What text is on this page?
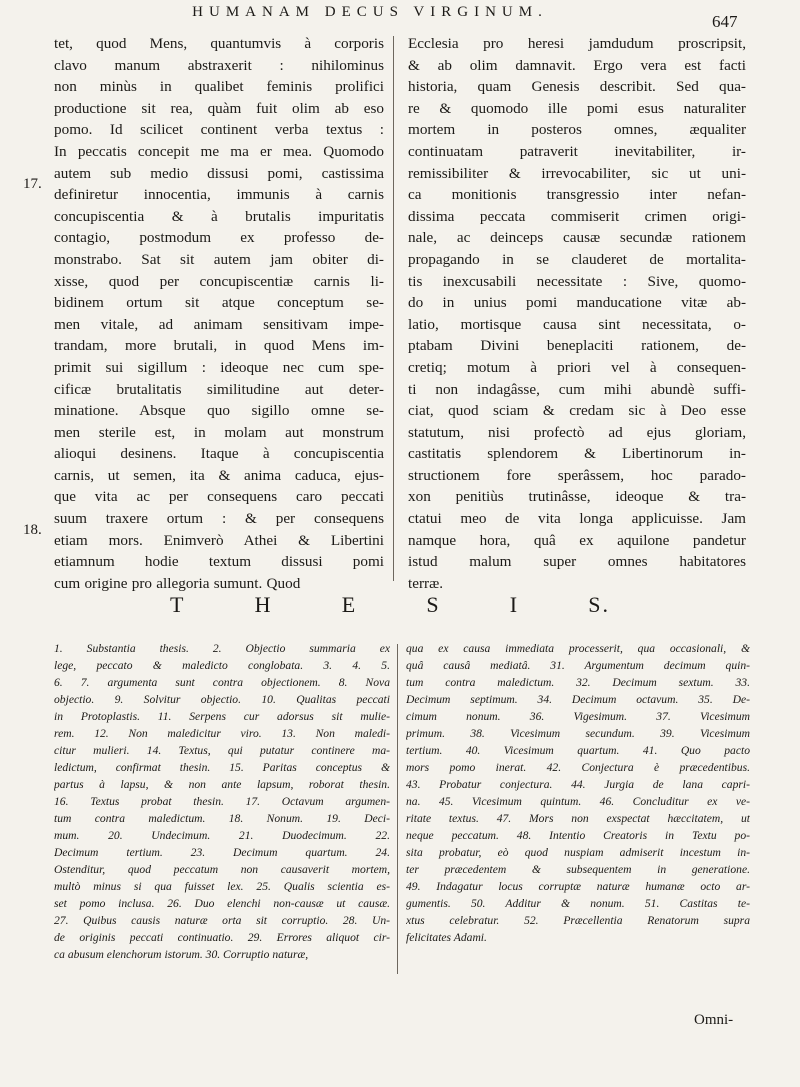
HUMANAM DECUS VIRGINUM.	647
17.
18.
tet, quod Mens, quantumvis à corporis
clavo manum abstraxerit : nihilominus
non minùs in qualibet feminis prolifici
productione sit rea, quàm fuit olim ab eso
pomo. Id scilicet continent verba textus :
In peccatis concepit me ma er mea. Quomodo
autem sub medio dissusi pomi, castissima
definiretur innocentia, immunis à carnis
concupiscentia & à brutalis impuritatis
contagio, postmodum ex professo de-
monstrabo. Sat sit autem jam obiter di-
xisse, quod per concupiscentiæ carnis li-
bidinem ortum sit atque conceptum se-
men vitale, ad animam sensitivam impe-
trandam, more brutali, in quod Mens im-
primit sui sigillum : ideoque nec cum spe-
cificæ brutalitatis similitudine aut deter-
minatione. Absque quo sigillo omne se-
men sterile est, in molam aut monstrum
alioqui desinens. Itaque à concupiscentia
carnis, ut semen, ita & anima caduca, ejus-
que vita ac per consequens caro peccati
suum traxere ortum : & per consequens
etiam mors. Enimverò Athei & Libertini
etiamnum hodie textum dissusi pomi
cum origine pro allegoria sumunt. Quod
Ecclesia pro heresi jamdudum proscripsit,
& ab olim damnavit. Ergo vera est facti
historia, quam Genesis describit. Sed qua-
re & quomodo ille pomi esus naturaliter
mortem in posteros omnes, æqualiter
continuatam patraverit inevitabiliter, ir-
remissibiliter & irrevocabiliter, sic ut uni-
ca monitionis transgressio inter nefan-
dissima peccata commiserit crimen origi-
nale, ac deinceps causæ secundæ rationem
propagando in se clauderet de mortalita-
tis inexcusabili necessitate : Sive, quomo-
do in unius pomi manducatione vitæ ab-
latio, mortisque causa sint necessitata, o-
ptabam Divini beneplaciti rationem, de-
cretiq; motum à priori vel à consequen-
ti non indagâsse, cum mihi abundè suffi-
ciat, quod sciam & credam sic à Deo esse
statutum, nisi profectò ad ejus gloriam,
castitatis splendorem & Libertinorum in-
structionem fore sperâssem, hoc parado-
xon penitiùs trutinâsse, ideoque & tra-
ctatui meo de vita longa applicuisse. Jam
namque hora, quâ ex aquilone pandetur
istud malum super omnes habitatores
terræ.
T	H	E	S	I	S.
1. Substantia thesis. 2. Objectio summaria ex
lege, peccato & maledicto conglobata. 3. 4. 5.
6. 7. argumenta sunt contra objectionem. 8. Nova
objectio. 9. Solvitur objectio. 10. Qualitas peccati
in Protoplastis. 11. Serpens cur adorsus sit mulie-
rem. 12. Non maledicitur viro. 13. Non maledi-
citur mulieri. 14. Textus, qui putatur continere ma-
ledictum, confirmat thesin. 15. Paritas conceptus &
partus à lapsu, & non ante lapsum, roborat thesin.
16. Textus probat thesin. 17. Octavum argumen-
tum contra maledictum. 18. Nonum. 19. Deci-
mum. 20. Undecimum. 21. Duodecimum. 22.
Decimum tertium. 23. Decimum quartum. 24.
Ostenditur, quod peccatum non causaverit mortem,
multò minus si qua fuisset lex. 25. Qualis scientia es-
set pomo inclusa. 26. Duo elenchi non-causæ ut causæ.
27. Quibus causis naturæ orta sit corruptio. 28. Un-
de originis peccati continuatio. 29. Errores aliquot cir-
ca abusum elenchorum istorum. 30. Corruptio naturæ,
qua ex causa immediata processerit, qua occasionali, &
quâ causâ mediatâ. 31. Argumentum decimum quin-
tum contra maledictum. 32. Decimum sextum. 33.
Decimum septimum. 34. Decimum octavum. 35. De-
cimum nonum. 36. Vigesimum. 37. Vicesimum
primum. 38. Vicesimum secundum. 39. Vicesimum
tertium. 40. Vicesimum quartum. 41. Quo pacto
mors pomo inerat. 42. Conjectura è præcedentibus.
43. Probatur conjectura. 44. Jurgia de lana capri-
na. 45. Vicesimum quintum. 46. Concluditur ex ve-
ritate textus. 47. Mors non exspectat hæccitatem, ut
neque peccatum. 48. Intentio Creatoris in Textu po-
sita probatur, eò quod nuspiam admiserit incestum in-
ter præcedentem & subsequentem in generatione.
49. Indagatur locus corruptæ naturæ humanæ octo ar-
gumentis. 50. Additur & nonum. 51. Castitas te-
xtus celebratur. 52. Præcellentia Renatorum supra
felicitates Adami.
Omni-
